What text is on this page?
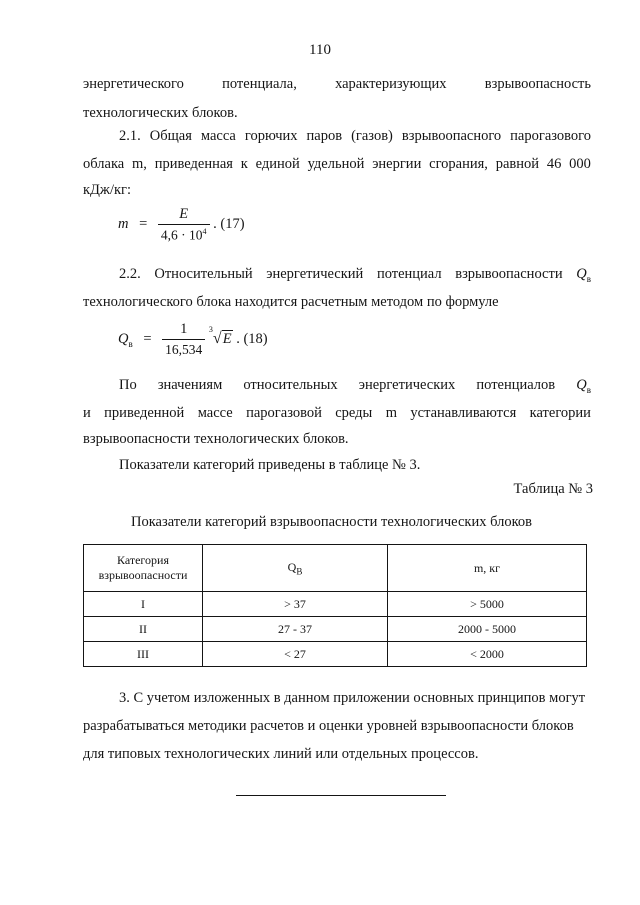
110
энергетического	потенциала,	характеризующих	взрывоопасность
технологических блоков.
2.1. Общая масса горючих паров (газов) взрывоопасного парогазового
облака m, приведенная к единой удельной энергии сгорания, равной 46 000
кДж/кг:
$m = \frac{E}{4,6 \cdot 10^4}$ . (17)
2.2. Относительный энергетический потенциал взрывоопасности $Q_в$
технологического блока находится расчетным методом по формуле
$Q_в = \frac{1}{16,534}$
3
√E . (18)
По значениям относительных энергетических потенциалов $Q_в$
и приведенной массе парогазовой среды m устанавливаются категории
взрывоопасности технологических блоков.
Показатели категорий приведены в таблице № 3.
Таблица № 3
Показатели категорий взрывоопасности технологических блоков
Категория
взрывоопасности	$Q_В$	m, кг
I	> 37	> 5000
II	27 - 37	2000 - 5000
III	< 27	< 2000
3. С учетом изложенных в данном приложении основных принципов могут
разрабатываться методики расчетов и оценки уровней взрывоопасности блоков
для типовых технологических линий или отдельных процессов.
